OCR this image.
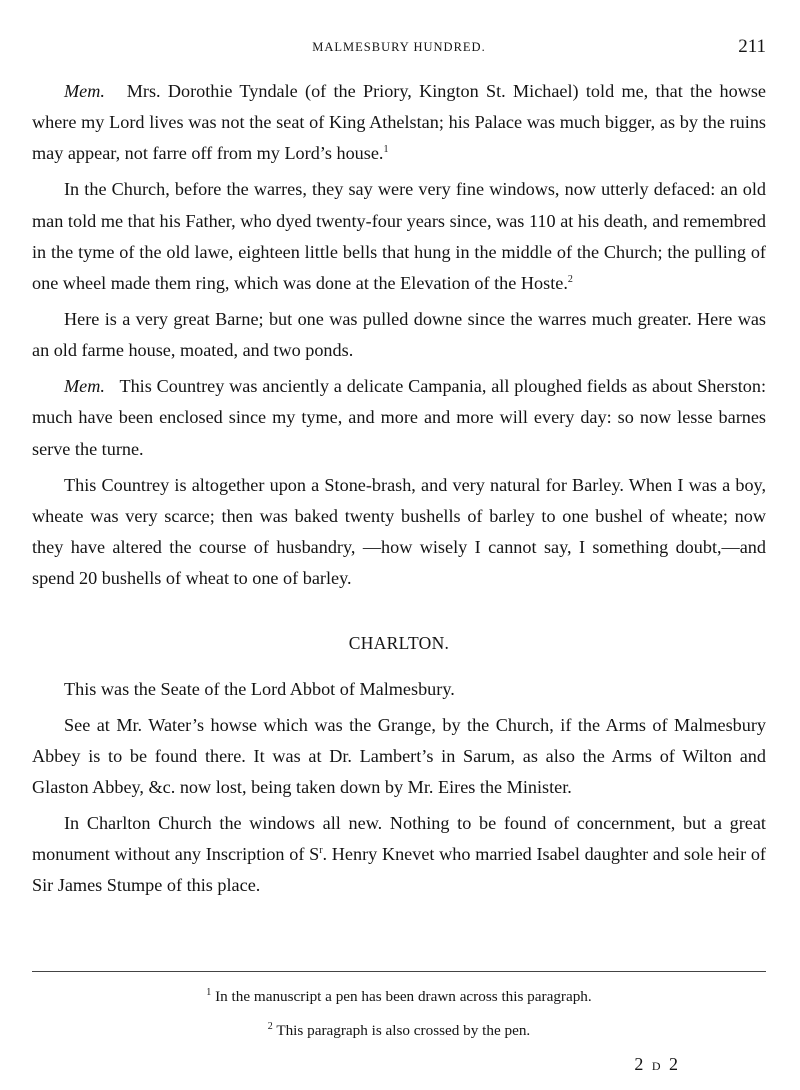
MALMESBURY HUNDRED.	211

Mem. Mrs. Dorothie Tyndale (of the Priory, Kington St. Michael) told me, that the howse where my Lord lives was not the seat of King Athelstan; his Palace was much bigger, as by the ruins may appear, not farre off from my Lord’s house.$^1$

In the Church, before the warres, they say were very fine windows, now utterly defaced: an old man told me that his Father, who dyed twenty-four years since, was 110 at his death, and remembred in the tyme of the old lawe, eighteen little bells that hung in the middle of the Church; the pulling of one wheel made them ring, which was done at the Elevation of the Hoste.$^2$

Here is a very great Barne; but one was pulled downe since the warres much greater. Here was an old farme house, moated, and two ponds.

Mem. This Countrey was anciently a delicate Campania, all ploughed fields as about Sherston: much have been enclosed since my tyme, and more and more will every day: so now lesse barnes serve the turne.

This Countrey is altogether upon a Stone-brash, and very natural for Barley. When I was a boy, wheate was very scarce; then was baked twenty bushells of barley to one bushel of wheate; now they have altered the course of husbandry, —how wisely I cannot say, I something doubt,—and spend 20 bushells of wheat to one of barley.

CHARLTON.

This was the Seate of the Lord Abbot of Malmesbury.

See at Mr. Water’s howse which was the Grange, by the Church, if the Arms of Malmesbury Abbey is to be found there. It was at Dr. Lambert’s in Sarum, as also the Arms of Wilton and Glaston Abbey, &c. now lost, being taken down by Mr. Eires the Minister.

In Charlton Church the windows all new. Nothing to be found of concernment, but a great monument without any Inscription of $S^r$. Henry Knevet who married Isabel daughter and sole heir of Sir James Stumpe of this place.

$^1$ In the manuscript a pen has been drawn across this paragraph.

$^2$ This paragraph is also crossed by the pen.

2 D 2
